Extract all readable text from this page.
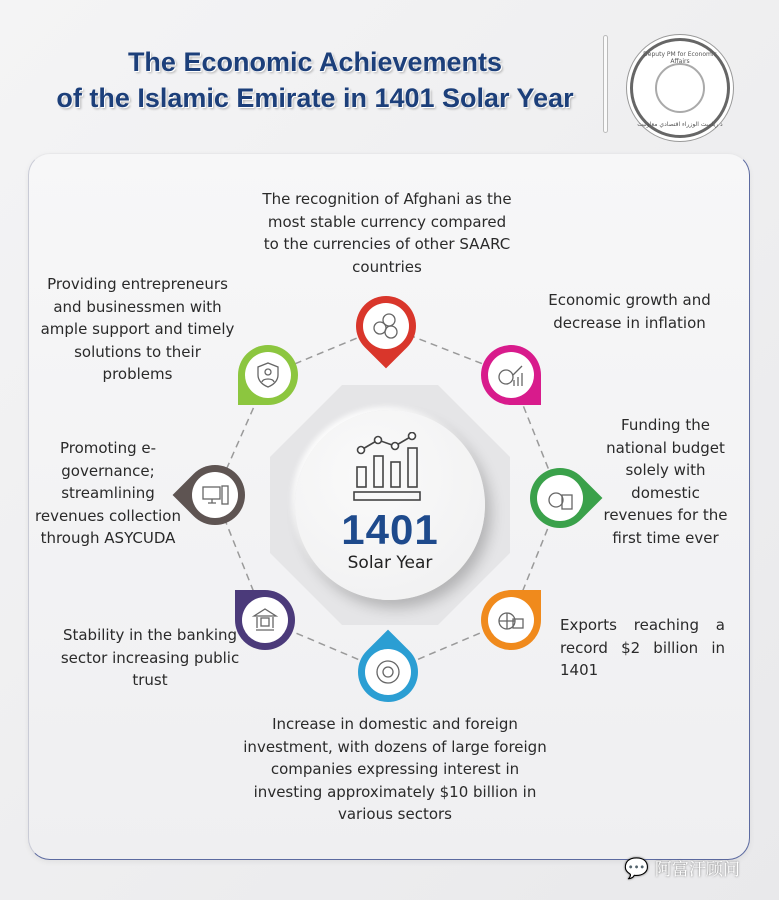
The Economic Achievements
of the Islamic Emirate in 1401 Solar Year
Deputy PM for Economic Affairs
د ریاست الوزراء اقتصادي معاونیت
1401
Solar Year
The recognition of Afghani as the most stable currency compared to the currencies of other SAARC countries
Economic growth and decrease in inflation
Funding the national budget solely with domestic revenues for the first time ever
Exports reaching a record $2 billion in 1401
Increase in domestic and foreign investment, with dozens of large foreign companies expressing interest in investing approximately $10 billion in various sectors
Stability in the banking sector increasing public trust
Promoting e-governance; streamlining revenues collection through ASYCUDA
Providing entrepreneurs and businessmen with ample support and timely solutions to their problems
💬 阿富汗顾问
